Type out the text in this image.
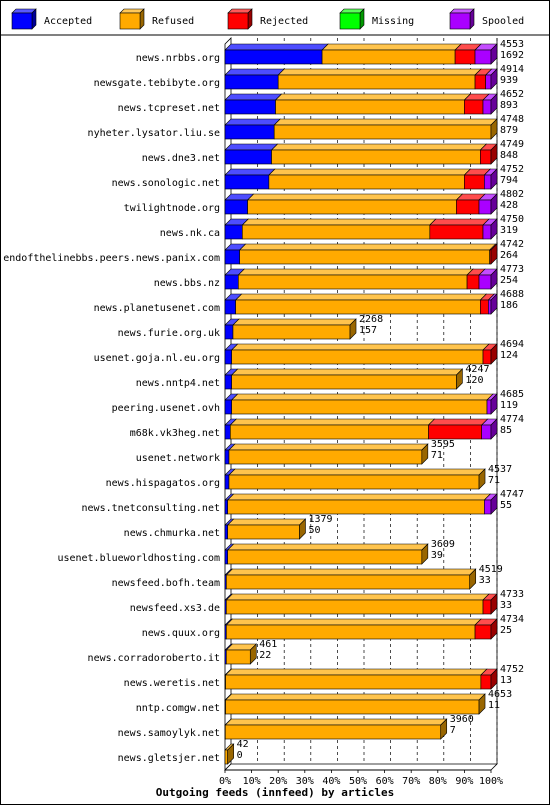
Accepted	Refused	Rejected	Missing	Spooled
4553
1692
4914
939
4652
893
4748
879
4749
848
4752
794
4802
428
4750
319
4742
264
4773
254
4688
186
2268
157
4694
124
4247
120
4685
119
4774
85
3595
71
4537
71
4747
55
1379
50
3609
39
4519
33
4733
33
4734
25
461
22
4752
13
4653
11
3960
7
42
0
news.nrbbs.org
newsgate.tebibyte.org
news.tcpreset.net
nyheter.lysator.liu.se
news.dne3.net
news.sonologic.net
twilightnode.org
news.nk.ca
endofthelinebbs.peers.news.panix.com
news.bbs.nz
news.planetusenet.com
news.furie.org.uk
usenet.goja.nl.eu.org
news.nntp4.net
peering.usenet.ovh
m68k.vk3heg.net
usenet.network
news.hispagatos.org
news.tnetconsulting.net
news.chmurka.net
usenet.blueworldhosting.com
newsfeed.bofh.team
newsfeed.xs3.de
news.quux.org
news.corradoroberto.it
news.weretis.net
nntp.comgw.net
news.samoylyk.net
news.gletsjer.net
0% 10% 20% 30% 40% 50% 60% 70% 80% 90% 100%
Outgoing feeds (innfeed) by articles
